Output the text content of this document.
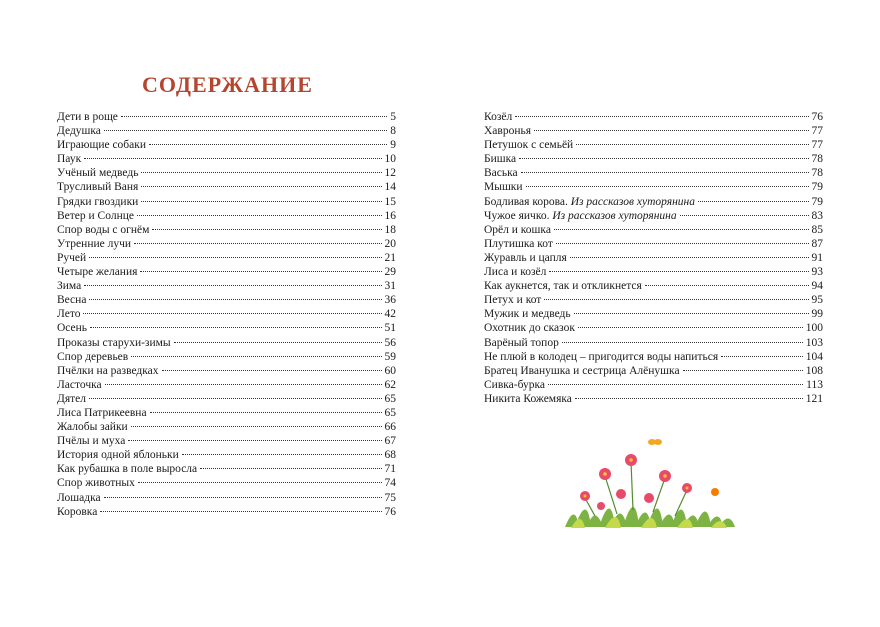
СОДЕРЖАНИЕ
Дети в роще	5
Дедушка	8
Играющие собаки	9
Паук	10
Учёный медведь	12
Трусливый Ваня	14
Грядки гвоздики	15
Ветер и Солнце	16
Спор воды с огнём	18
Утренние лучи	20
Ручей	21
Четыре желания	29
Зима	31
Весна	36
Лето	42
Осень	51
Проказы старухи-зимы	56
Спор деревьев	59
Пчёлки на разведках	60
Ласточка	62
Дятел	65
Лиса Патрикеевна	65
Жалобы зайки	66
Пчёлы и муха	67
История одной яблоньки	68
Как рубашка в поле выросла	71
Спор животных	74
Лошадка	75
Коровка	76
Козёл	76
Хавронья	77
Петушок с семьёй	77
Бишка	78
Васька	78
Мышки	79
Бодливая корова. Из рассказов хуторянина	79
Чужое яичко. Из рассказов хуторянина	83
Орёл и кошка	85
Плутишка кот	87
Журавль и цапля	91
Лиса и козёл	93
Как аукнется, так и откликнется	94
Петух и кот	95
Мужик и медведь	99
Охотник до сказок	100
Варёный топор	103
Не плюй в колодец – пригодится воды напиться	104
Братец Иванушка и сестрица Алёнушка	108
Сивка-бурка	113
Никита Кожемяка	121
